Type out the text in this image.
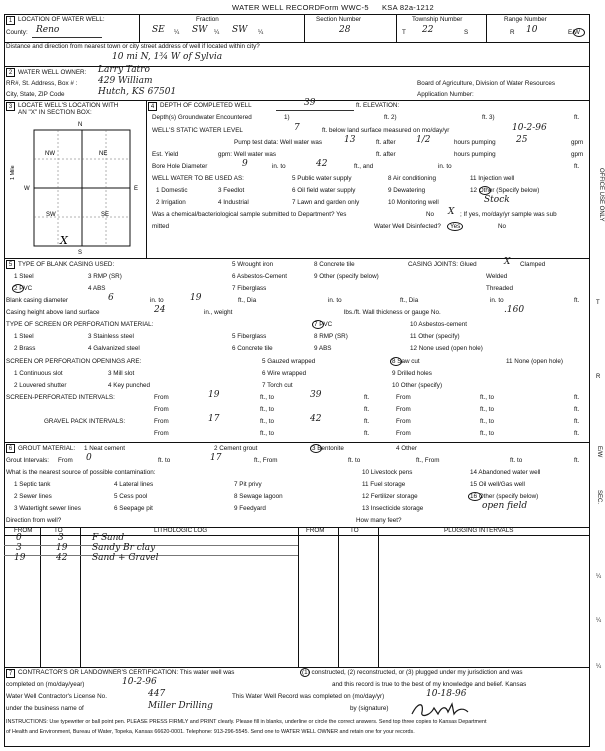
WATER WELL RECORD Form WWC-5 KSA 82a-1212
1 LOCATION OF WATER WELL:
County: Reno
Fraction
SE ¼ SW ¼ SW ¼
Section Number
28
Township Number
T 22	S
Range Number
R 10	E/W
Distance and direction from nearest town or city street address of well if located within city?
10 mi N, 1¾ W of Sylvia
2 WATER WELL OWNER: Larry Tatro
RR#, St. Address, Box # : 429 William
City, State, ZIP Code	Hutch, KS 67501
Board of Agriculture, Division of Water Resources
Application Number:
3 LOCATE WELL'S LOCATION WITH
AN "X" IN SECTION BOX:
N
S
W	E
NW	NE
SW	SE
1 Mile
X
4 DEPTH OF COMPLETED WELL	39	ft. ELEVATION:
Depth(s) Groundwater Encountered	1)	ft. 2)	ft. 3)	ft.
WELL'S STATIC WATER LEVEL	7	ft. below land surface measured on mo/day/yr	10-2-96
Pump test data: Well water was 13	ft. after 1/2	hours pumping 25	gpm
Est. Yield	gpm: Well water was	ft. after	hours pumping	gpm
Bore Hole Diameter	9	in. to	42	ft., and	in. to	ft.
WELL WATER TO BE USED AS:	5 Public water supply	8 Air conditioning	11 Injection well
1 Domestic	3 Feedlot	6 Oil field water supply	9 Dewatering	12 Other (Specify below)
2 Irrigation	4 Industrial	7 Lawn and garden only	10 Monitoring well	Stock
Was a chemical/bacteriological sample submitted to Department? Yes	No X ; If yes, mo/day/yr sample was sub
mitted	Water Well Disinfected? Yes	No
5 TYPE OF BLANK CASING USED:	5 Wrought iron	8 Concrete tile	CASING JOINTS: Glued	X Clamped
1 Steel	3 RMP (SR)	6 Asbestos-Cement	9 Other (specify below)	Welded
2 PVC	4 ABS	7 Fiberglass	Threaded
Blank casing diameter	6	in. to	19	ft., Dia	in. to	ft., Dia	in. to	ft.
Casing height above land surface	24	in., weight	lbs./ft. Wall thickness or gauge No.	.160
TYPE OF SCREEN OR PERFORATION MATERIAL:	7 PVC	10 Asbestos-cement
1 Steel	3 Stainless steel	5 Fiberglass	8 RMP (SR)	11 Other (specify)
2 Brass	4 Galvanized steel	6 Concrete tile	9 ABS	12 None used (open hole)
SCREEN OR PERFORATION OPENINGS ARE:	5 Gauzed wrapped	8 Saw cut	11 None (open hole)
1 Continuous slot	3 Mill slot	6 Wire wrapped	9 Drilled holes
2 Louvered shutter	4 Key punched	7 Torch cut	10 Other (specify)
SCREEN-PERFORATED INTERVALS:	From	19	ft., to	39	ft.	From	ft., to	ft.
From	ft., to	ft.	From	ft., to	ft.
GRAVEL PACK INTERVALS:	From	17	ft., to	42	ft.	From	ft., to	ft.
From	ft., to	ft.	From	ft., to	ft.
6 GROUT MATERIAL: 1 Neat cement	2 Cement grout	3 Bentonite	4 Other
Grout Intervals: From 0	ft. to	17	ft., From	ft. to	ft., From	ft. to	ft.
What is the nearest source of possible contamination:	10 Livestock pens	14 Abandoned water well
1 Septic tank	4 Lateral lines	7 Pit privy	11 Fuel storage	15 Oil well/Gas well
2 Sewer lines	5 Cess pool	8 Sewage lagoon	12 Fertilizer storage	16 Other (specify below)
3 Watertight sewer lines	6 Seepage pit	9 Feedyard	13 Insecticide storage	open field
Direction from well?	How many feet?
FROM	TO	LITHOLOGIC LOG	FROM	TO	PLUGGING INTERVALS
0	3	F Sand
3	19	Sandy Br clay
19	42	Sand + Gravel
7 CONTRACTOR'S OR LANDOWNER'S CERTIFICATION: This water well was	(1) constructed, (2) reconstructed, or (3) plugged under my jurisdiction and was
completed on (mo/day/year)	10-2-96	and this record is true to the best of my knowledge and belief. Kansas
Water Well Contractor's License No.	447	This Water Well Record was completed on (mo/day/yr)	10-18-96
under the business name of	Miller Drilling	by (signature)
INSTRUCTIONS: Use typewriter or ball point pen. PLEASE PRESS FIRMLY and PRINT clearly. Please fill in blanks, underline or circle the correct answers. Send top three copies to Kansas Department
of Health and Environment, Bureau of Water, Topeka, Kansas 66620-0001. Telephone: 913-296-5545. Send one to WATER WELL OWNER and retain one for your records.
OFFICE USE ONLY
T
R
E/W
SEC.
¼
¼
¼
